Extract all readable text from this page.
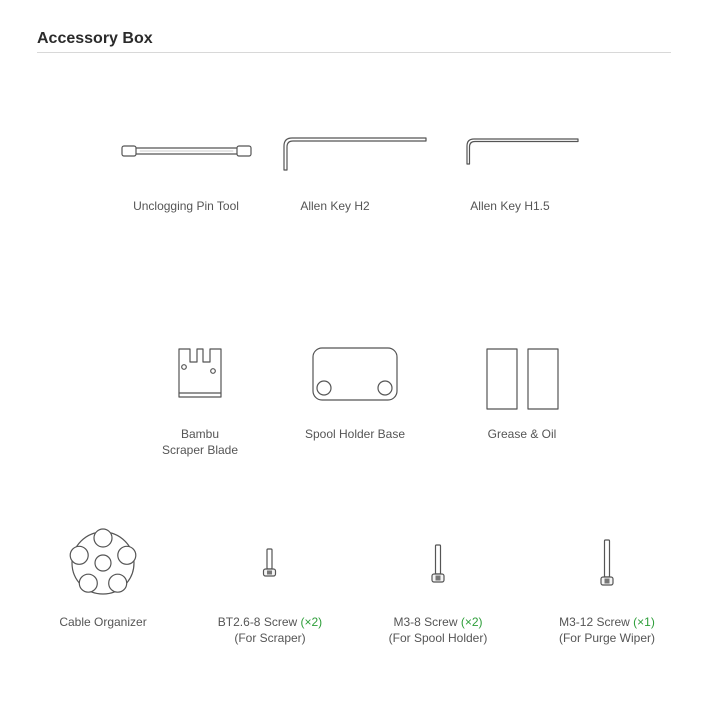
Accessory Box
Unclogging Pin Tool	Allen Key H2	Allen Key H1.5
Bambu
Scraper Blade
Spool Holder Base	Grease & Oil
Cable Organizer	BT2.6-8 Screw (×2)
(For Scraper)
M3-8 Screw (×2)
(For Spool Holder)
M3-12 Screw (×1)
(For Purge Wiper)
